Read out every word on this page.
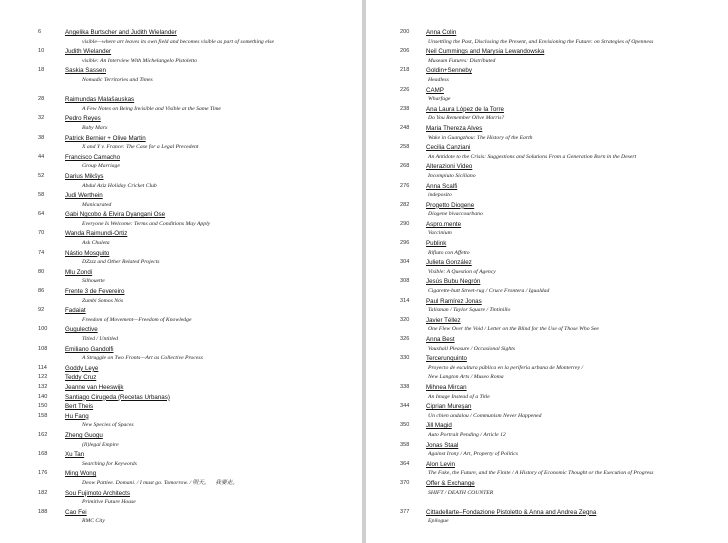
6	Angelika Burtscher and Judith Wielander
visible—where art leaves its own field and becomes visible as part of something else
10	Judith Wielander
visible: An Interview With Michelangelo Pistoletto
18	Saskia Sassen
Nomadic Territories and Times
28	Raimundas Malašauskas
A Few Notes on Being Invisible and Visible at the Same Time
32	Pedro Reyes
Baby Marx
38	Patrick Bernier + Olive Martin
X and Y v. France: The Case for a Legal Precedent
44	Francisco Camacho
Group Marriage
52	Darius Mikšys
Abdul Aziz Holiday Cricket Club
58	Judi Werthein
Manicurated
64	Gabi Ngcobo & Elvira Dyangani Ose
Everyone Is Welcome: Terms and Conditions May Apply
70	Wanda Raimundi-Ortiz
Ask Chuleta
74	Nástio Mosquito
DZzzz and Other Related Projects
80	Mlu Zondi
Silhouette
86	Frente 3 de Fevereiro
Zumbi Somos Nós
92	Fadaiat
Freedom of Movement—Freedom of Knowledge
100	Gugulective
Titled / Untitled
108	Emiliano Gandolfi
A Struggle on Two Fronts—Art as Collective Process
114	Goddy Leye
122	Teddy Cruz
132	Jeanne van Heeswijk
140	Santiago Cirugeda (Recetas Urbanas)
150	Bert Theis
158	Hu Fang
New Species of Spaces
162	Zheng Guogu
(Il)legal Empire
168	Xu Tan
Searching for Keywords
176	Ming Wong
Deow Pattiee. Domani. / I must go. Tomorrow. / 明天。　我要走。
182	Sou Fujimoto Architects
Primitive Future House
188	Cao Fei
RMC City
200	Anna Colin
Unsettling the Past, Disclosing the Present, and Envisioning the Future: on Strategies of Openness
206	Neil Cummings and Marysia Lewandowska
Museum Futures: Distributed
218	Goldin+Senneby
Headless
226	CAMP
Wharfage
238	Ana Laura López de la Torre
Do You Remember Olive Morris?
248	Maria Thereza Alves
Wake in Guangzhou: The History of the Earth
258	Cecilia Canziani
An Antidote to the Crisis: Suggestions and Solutions From a Generation Born in the Desert
268	Alterazioni Video
Incompiuto Siciliano
276	Anna Scalfi
indeposito
282	Progetto Diogene
Diogene bivaccourbano
290	Aspro.mente
Vaccinium
296	Publink
Rifiuto con Affetto
304	Julieta González
Visible: A Question of Agency
308	Jesús Bubu Negrón
Cigarette-butt Street-rug / Cruce Frontera / Igualdad
314	Paul Ramírez Jonas
Talisman / Taylor Square / Tintinillo
320	Javier Téllez
One Flew Over the Void / Letter on the Blind for the Use of Those Who See
326	Anna Best
Vauxhall Pleasure / Occasional Sights
330	Tercerunquinto
Proyecto de escultura pública en la periferia urbana de Monterrey /
New Langton Arts / Museo Roma
338	Mihnea Mircan
An Image Instead of a Title
344	Ciprian Mureşan
Un chien andalou / Communism Never Happened
350	Jill Magid
Auto Portrait Pending / Article 12
358	Jonas Staal
Against Irony / Art, Property of Politics
364	Alon Levin
The Fake, the Future, and the Finite / A History of Economic Thought or the Execution of Progress
370	Offer & Exchange
SHIFT / DEATH COUNTER
377	Cittadellarte–Fondazione Pistoletto & Anna and Andrea Zegna
Epilogue
